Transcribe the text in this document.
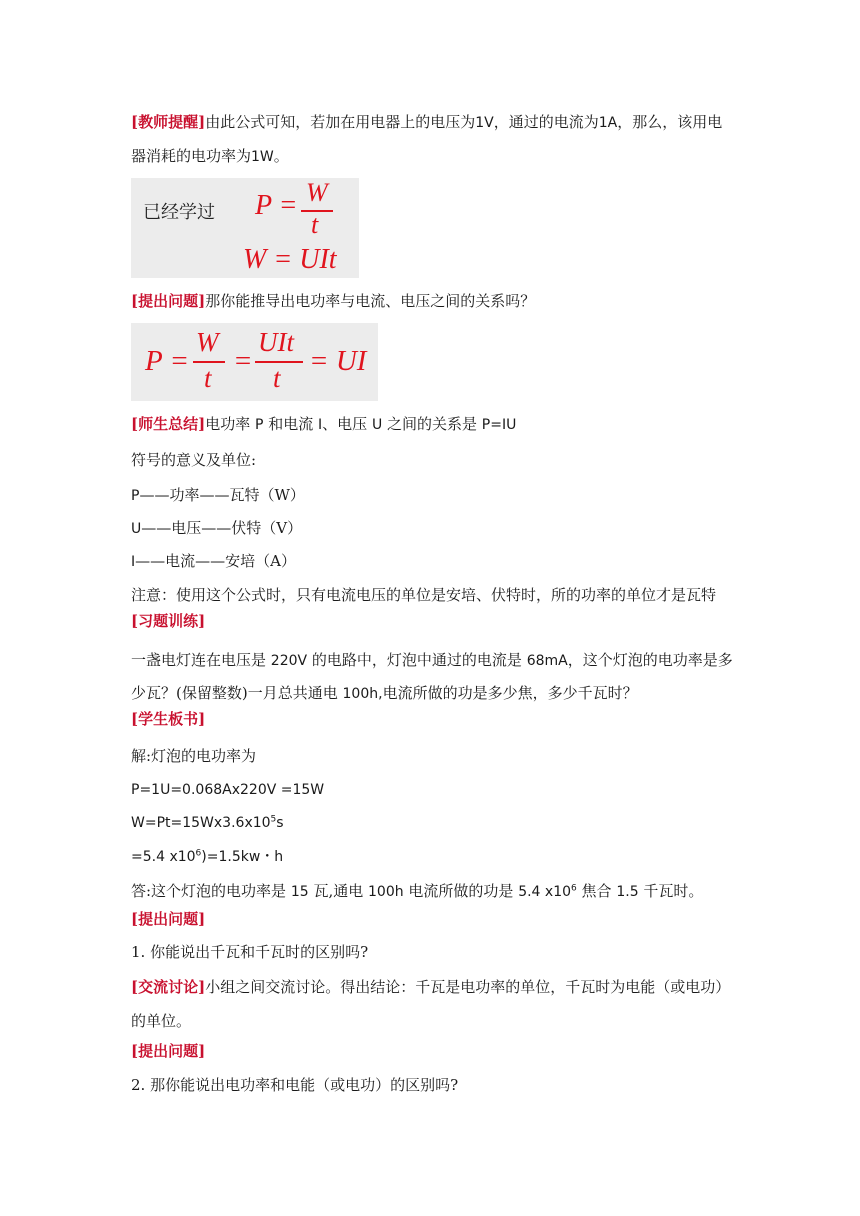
[教师提醒]由此公式可知，若加在用电器上的电压为1V，通过的电流为1A，那么，该用电
器消耗的电功率为1W。
已经学过 P = W
t
W = UIt
[提出问题]那你能推导出电功率与电流、电压之间的关系吗？
P =
W
t
=
UIt
t
= UI
[师生总结]电功率 P 和电流 I、电压 U 之间的关系是 P=IU
符号的意义及单位:
P——功率——瓦特（W）
U——电压——伏特（V）
I——电流——安培（A）
注意：使用这个公式时，只有电流电压的单位是安培、伏特时，所的功率的单位才是瓦特
[习题训练]
一盏电灯连在电压是 220V 的电路中，灯泡中通过的电流是 68mA，这个灯泡的电功率是多
少瓦？(保留整数)一月总共通电 100h,电流所做的功是多少焦，多少千瓦时？
[学生板书]
解:灯泡的电功率为
P=1U=0.068Ax220V =15W
$W=Pt=15Wx3.6x10^5s$
=5.4 $x10^6)=1.5kw$・h
答:这个灯泡的电功率是 15 瓦,通电 100h 电流所做的功是 5.4 $x10^6$ 焦合 1.5 千瓦时。
[提出问题]
1. 你能说出千瓦和千瓦时的区别吗?
[交流讨论]小组之间交流讨论。得出结论：千瓦是电功率的单位，千瓦时为电能（或电功）
的单位。
[提出问题]
2. 那你能说出电功率和电能（或电功）的区别吗?
